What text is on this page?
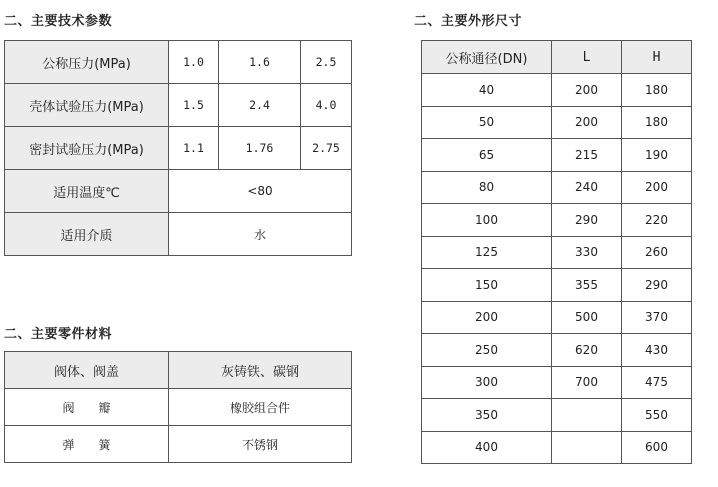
二、主要技术参数
公称压力(MPa)	1.0	1.6	2.5
壳体试验压力(MPa)	1.5	2.4	4.0
密封试验压力(MPa)	1.1	1.76	2.75
适用温度℃	<80		
适用介质	水		
二、主要零件材料
阀体、阀盖	灰铸铁、碳钢
阀　　瓣	橡胶组合件
弹　　簧	不锈钢
二、主要外形尺寸
公称通径(DN)	L	H
40	200	180
50	200	180
65	215	190
80	240	200
100	290	220
125	330	260
150	355	290
200	500	370
250	620	430
300	700	475
350		550
400		600
